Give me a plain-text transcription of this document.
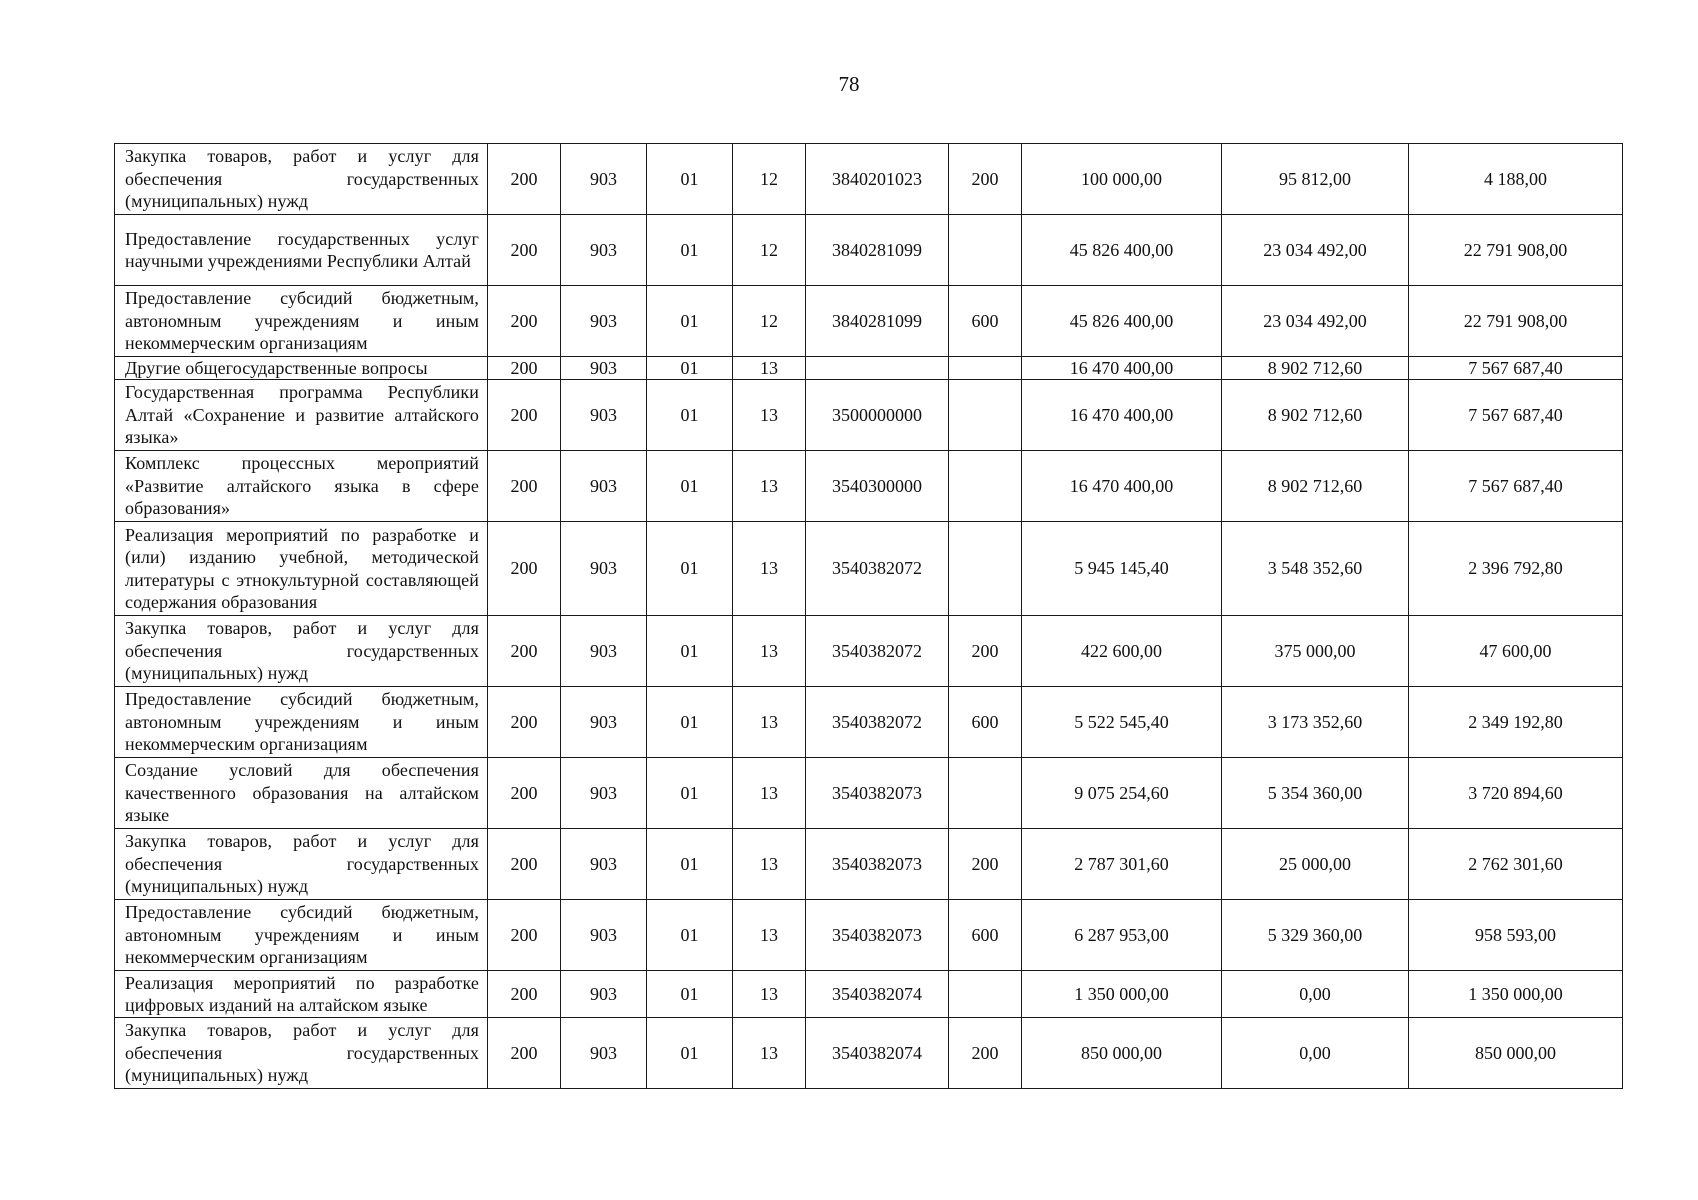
78
Закупка товаров, работ и услуг для обеспечения государственных (муниципальных) нужд	200	903	01	12	3840201023	200	100 000,00	95 812,00	4 188,00
Предоставление государственных услуг научными учреждениями Республики Алтай	200	903	01	12	3840281099		45 826 400,00	23 034 492,00	22 791 908,00
Предоставление субсидий бюджетным, автономным учреждениям и иным некоммерческим организациям	200	903	01	12	3840281099	600	45 826 400,00	23 034 492,00	22 791 908,00
Другие общегосударственные вопросы	200	903	01	13			16 470 400,00	8 902 712,60	7 567 687,40
Государственная программа Республики Алтай «Сохранение и развитие алтайского языка»	200	903	01	13	3500000000		16 470 400,00	8 902 712,60	7 567 687,40
Комплекс процессных мероприятий «Развитие алтайского языка в сфере образования»	200	903	01	13	3540300000		16 470 400,00	8 902 712,60	7 567 687,40
Реализация мероприятий по разработке и (или) изданию учебной, методической литературы с этнокультурной составляющей содержания образования	200	903	01	13	3540382072		5 945 145,40	3 548 352,60	2 396 792,80
Закупка товаров, работ и услуг для обеспечения государственных (муниципальных) нужд	200	903	01	13	3540382072	200	422 600,00	375 000,00	47 600,00
Предоставление субсидий бюджетным, автономным учреждениям и иным некоммерческим организациям	200	903	01	13	3540382072	600	5 522 545,40	3 173 352,60	2 349 192,80
Создание условий для обеспечения качественного образования на алтайском языке	200	903	01	13	3540382073		9 075 254,60	5 354 360,00	3 720 894,60
Закупка товаров, работ и услуг для обеспечения государственных (муниципальных) нужд	200	903	01	13	3540382073	200	2 787 301,60	25 000,00	2 762 301,60
Предоставление субсидий бюджетным, автономным учреждениям и иным некоммерческим организациям	200	903	01	13	3540382073	600	6 287 953,00	5 329 360,00	958 593,00
Реализация мероприятий по разработке цифровых изданий на алтайском языке	200	903	01	13	3540382074		1 350 000,00	0,00	1 350 000,00
Закупка товаров, работ и услуг для обеспечения государственных (муниципальных) нужд	200	903	01	13	3540382074	200	850 000,00	0,00	850 000,00
